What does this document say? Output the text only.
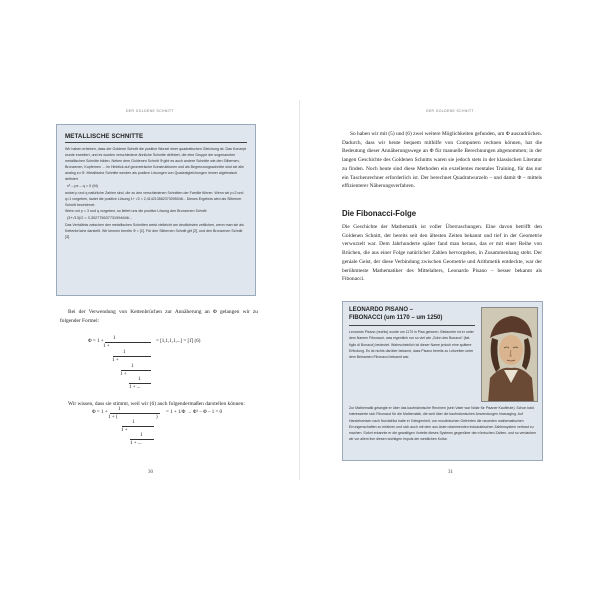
DER GOLDENE SCHNITT
METALLISCHE SCHNITTE

Wir haben erfahren, dass der Goldene Schnitt die positive Wurzel einer quadratischen Gleichung ist. Das Konzept wurde erweitert, und es wurden verschiedene ähnliche Schnitte definiert, die eine Gruppe der sogenannten metallischen Schnitte bilden. Neben dem Goldenen Schnitt Φ gibt es auch andere Schnitte wie den Silbernen, Bronzenen, Kupfernen ... Im Hinblick auf geometrische Konstruktionen und als Begrenzungsschnitte sind sie alle analog zu Φ. Metallische Schnitte werden als positive Lösungen von Quadratgleichungen immer algebraisch definiert

x² – px – q = 0 (M)

wobei p und q natürliche Zahlen sind, die zu den verschiedenen Schnitten der Familie führen. Wenn wir p=2 und q=1 vorgeben, lautet die positive Lösung 1+ √2 = 2,414213562373095048... Dieses Ergebnis wird als Silberner Schnitt bezeichnet.

Wenn wir p = 3 und q vorgeben, so liefert uns die positive Lösung den Bronzenen Schnitt

(3+√13)/2 = 3,302775637731994646...

Das Verhältnis zwischen den metallischen Schnitten weist vielleicht am deutlichsten zeitlichen, wenn man sie als Kettenbrüche darstellt. Wir kennen bereits Φ = [1̄]. Für den Silbernen Schnitt gilt [2̄], und den Bronzenen Schnitt [3̄].

Bei der Verwendung von Kettenbrüchen zur Annäherung an Φ gelangen wir zu folgender Formel:

Φ = 1 +
1
1 +
1
1 +
1
1 +
1
1 + ...
= [1,1,1,1,...] = [1̄] (6)

Wir wissen, dass sie stimmt, weil wir (6) auch folgendermaßen darstellen können:

Φ = 1 +
1
1 + (
1
1 +
1
1 + ...
)
= 1 + 1/Φ → Φ² – Φ – 1 = 0
30
DER GOLDENE SCHNITT
31

So haben wir mit (5) und (6) zwei weitere Möglichkeiten gefunden, um Φ auszudrücken. Dadurch, dass wir heute bequem mithilfe von Computern rechnen können, hat die Bedeutung dieser Annäherungswege an Φ für manuelle Berechnungen abgenommen; in der langen Geschichte des Goldenen Schnitts waren sie jedoch stets in der klassischen Literatur zu finden. Noch heute sind diese Methoden ein exzellentes mentales Training, für das nur ein Taschenrechner erforderlich ist. Der berechnet Quadratwurzeln – und damit Φ – mittels effizienterer Näherungsverfahren.

Die Fibonacci-Folge

Die Geschichte der Mathematik ist voller Überraschungen. Eine davon betrifft den Goldenen Schnitt, der bereits seit den ältesten Zeiten bekannt und tief in der Geometrie verwurzelt war. Dem Jahrhunderte später fand man heraus, das er mit einer Reihe von Brüchen, die aus einer Folge natürlicher Zahlen hervorgehen, in Zusammenhang steht. Der geniale Geist, der diese Verbindung zwischen Geometrie und Arithmetik entdeckte, war der berühmteste Mathematiker des Mittelalters, Leonardo Pisano – besser bekannt als Fibonacci.

LEONARDO PISANO –
FIBONACCI (um 1170 – um 1250)

Leonardo Pisano (rechts) wurde um 1170 in Pisa geboren. Bekannter ist er unter dem Namen Fibonacci, was eigentlich nur so viel wie „Sohn des Bonacci“ (ital. figlio di Bonacci) bedeutet. Wahrscheinlich ist dieser Name jedoch eine spätere Erfindung. Es ist nichts darüber bekannt, dass Pisano bereits zu Lebzeiten unter dem Beinamen Fibonacci bekannt war.

Zur Mathematik gelangte er über das kaufmännische Rechnen (sein Vater war Notar für Pisaner Kaufleute). Schon bald interessierte sich Fibonacci für die Mathematik, die weit über die kaufmännischen Anwendungen hinausging. Auf Handelsreisen nach Nordafrika hatte er Gelegenheit, von muslimischen Gelehrten die neuesten mathematischen Errungenschaften zu erfahren und sich auch mit dem aus Asien stammenden indoarabischen Zahlensystem vertraut zu machen. Sofort erkannte er die gewaltigen Vorteile dieses Systems gegenüber den römischen Zahlen, und so verdanken wir vor allem ihm diesen wichtigen Impuls der westlichen Kultur.
